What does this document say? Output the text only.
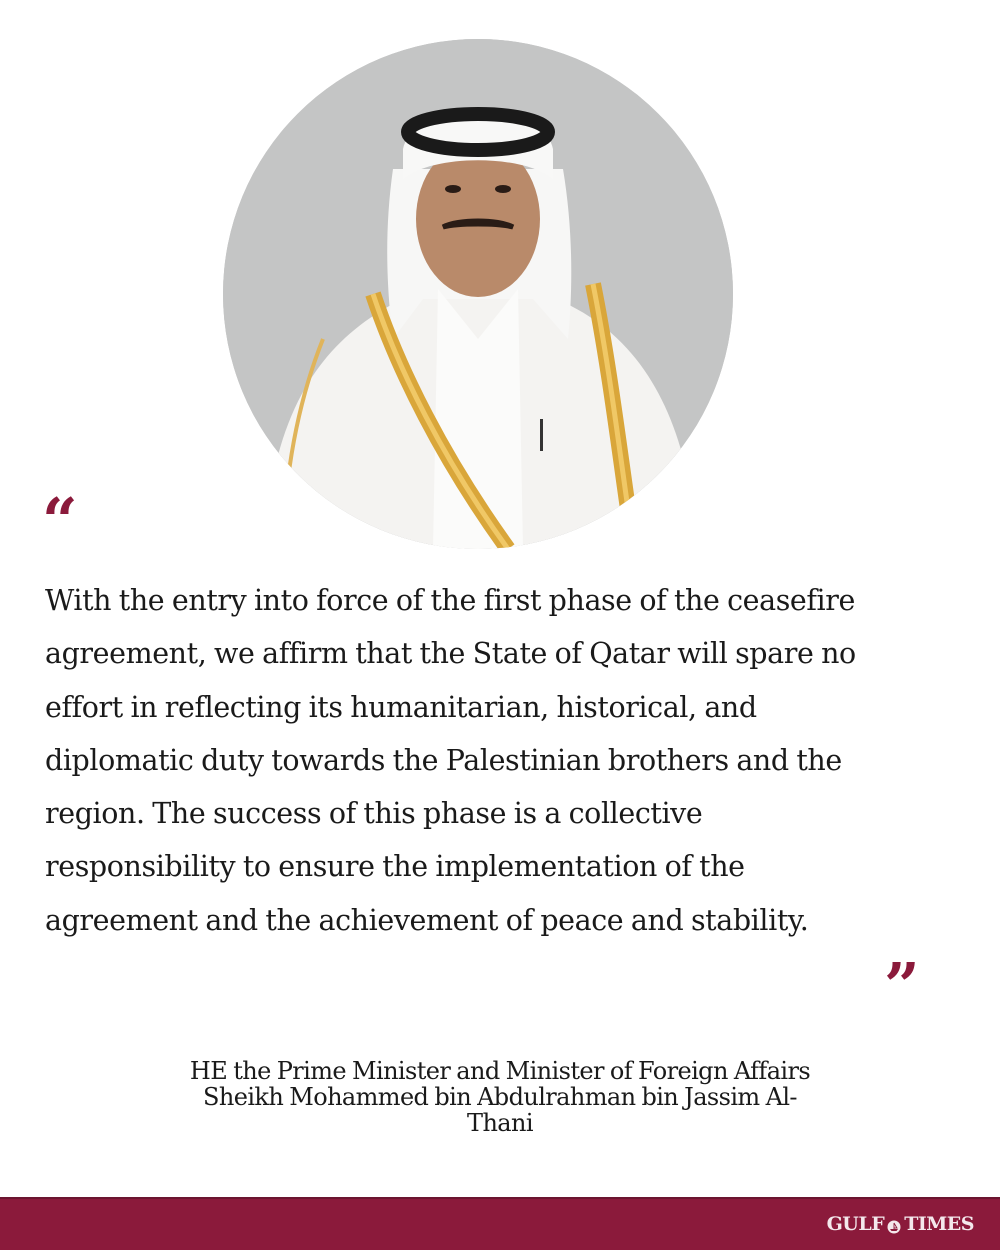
“
With the entry into force of the first phase of the ceasefire
agreement, we affirm that the State of Qatar will spare no
effort in reflecting its humanitarian, historical, and
diplomatic duty towards the Palestinian brothers and the
region. The success of this phase is a collective
responsibility to ensure the implementation of the
agreement and the achievement of peace and stability.
”
HE the Prime Minister and Minister of Foreign Affairs
Sheikh Mohammed bin Abdulrahman bin Jassim Al-
Thani
GULF TIMES
